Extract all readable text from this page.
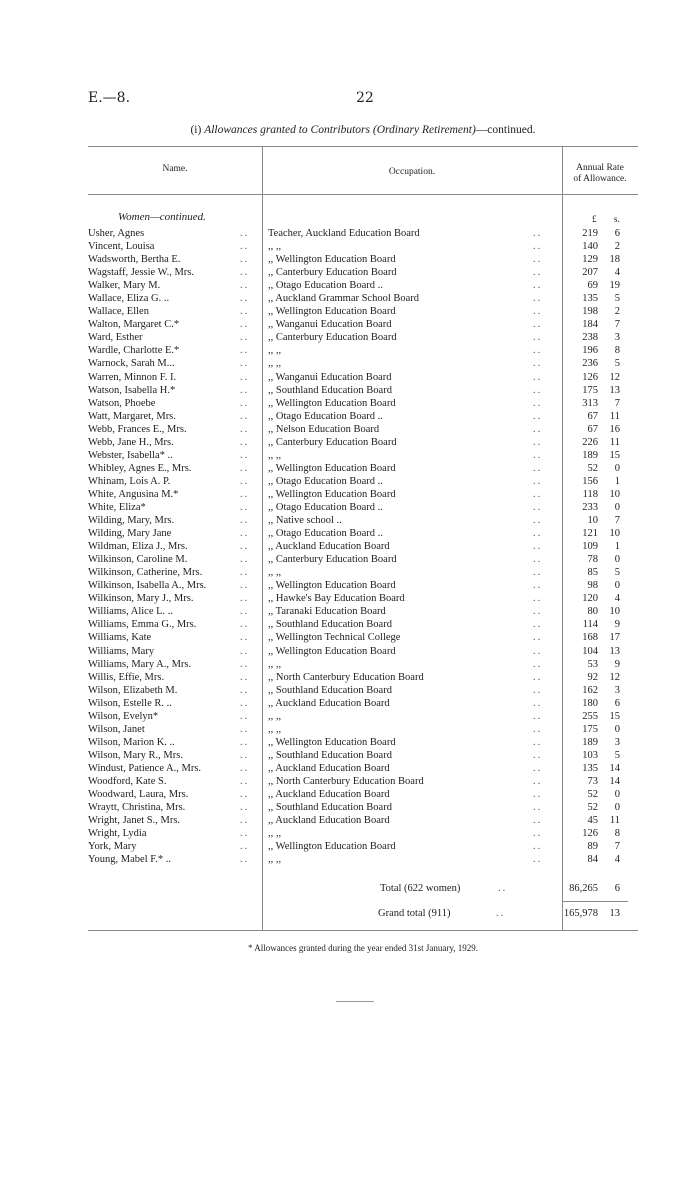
E.—8.	22
(i) Allowances granted to Contributors (Ordinary Retirement)—continued.
Name.	Occupation.	Annual Rate
of Allowance.
Women—continued.	£ s.
Usher, Agnes	.. Teacher, Auckland Education Board	..	219	6
Vincent, Louisa	.. ,, ,,	..	140	2
Wadsworth, Bertha E.	.. ,, Wellington Education Board	..	129	18
Wagstaff, Jessie W., Mrs.	.. ,, Canterbury Education Board	..	207	4
Walker, Mary M.	.. ,, Otago Education Board ..	..	69	19
Wallace, Eliza G. ..	.. ,, Auckland Grammar School Board	..	135	5
Wallace, Ellen	.. ,, Wellington Education Board	..	198	2
Walton, Margaret C.*	.. ,, Wanganui Education Board	..	184	7
Ward, Esther	.. ,, Canterbury Education Board	..	238	3
Wardle, Charlotte E.*	.. ,, ,,	..	196	8
Warnock, Sarah M...	.. ,, ,,	..	236	5
Warren, Minnon F. I.	.. ,, Wanganui Education Board	..	126	12
Watson, Isabella H.*	.. ,, Southland Education Board	..	175	13
Watson, Phoebe	.. ,, Wellington Education Board	..	313	7
Watt, Margaret, Mrs.	.. ,, Otago Education Board ..	..	67	11
Webb, Frances E., Mrs.	.. ,, Nelson Education Board	..	67	16
Webb, Jane H., Mrs.	.. ,, Canterbury Education Board	..	226	11
Webster, Isabella* ..	.. ,, ,,	..	189	15
Whibley, Agnes E., Mrs.	.. ,, Wellington Education Board	..	52	0
Whinam, Lois A. P.	.. ,, Otago Education Board ..	..	156	1
White, Angusina M.*	.. ,, Wellington Education Board	..	118	10
White, Eliza*	.. ,, Otago Education Board ..	..	233	0
Wilding, Mary, Mrs.	.. ,, Native school ..	..	10	7
Wilding, Mary Jane	.. ,, Otago Education Board ..	..	121	10
Wildman, Eliza J., Mrs.	.. ,, Auckland Education Board	..	109	1
Wilkinson, Caroline M.	.. ,, Canterbury Education Board	..	78	0
Wilkinson, Catherine, Mrs.	.. ,, ,,	..	85	5
Wilkinson, Isabella A., Mrs.	.. ,, Wellington Education Board	..	98	0
Wilkinson, Mary J., Mrs.	.. ,, Hawke's Bay Education Board	..	120	4
Williams, Alice L. ..	.. ,, Taranaki Education Board	..	80	10
Williams, Emma G., Mrs.	.. ,, Southland Education Board	..	114	9
Williams, Kate	.. ,, Wellington Technical College	..	168	17
Williams, Mary	.. ,, Wellington Education Board	..	104	13
Williams, Mary A., Mrs.	.. ,, ,,	..	53	9
Willis, Effie, Mrs.	.. ,, North Canterbury Education Board	..	92	12
Wilson, Elizabeth M.	.. ,, Southland Education Board	..	162	3
Wilson, Estelle R. ..	.. ,, Auckland Education Board	..	180	6
Wilson, Evelyn*	.. ,, ,,	..	255	15
Wilson, Janet	.. ,, ,,	..	175	0
Wilson, Marion K. ..	.. ,, Wellington Education Board	..	189	3
Wilson, Mary R., Mrs.	.. ,, Southland Education Board	..	103	5
Windust, Patience A., Mrs.	.. ,, Auckland Education Board	..	135	14
Woodford, Kate S.	.. ,, North Canterbury Education Board	..	73	14
Woodward, Laura, Mrs.	.. ,, Auckland Education Board	..	52	0
Wraytt, Christina, Mrs.	.. ,, Southland Education Board	..	52	0
Wright, Janet S., Mrs.	.. ,, Auckland Education Board	..	45	11
Wright, Lydia	.. ,, ,,	..	126	8
York, Mary	.. ,, Wellington Education Board	..	89	7
Young, Mabel F.* ..	.. ,, ,,	..	84	4
Total (622 women)	..	86,265	6
Grand total (911)	..	165,978	13
* Allowances granted during the year ended 31st January, 1929.
